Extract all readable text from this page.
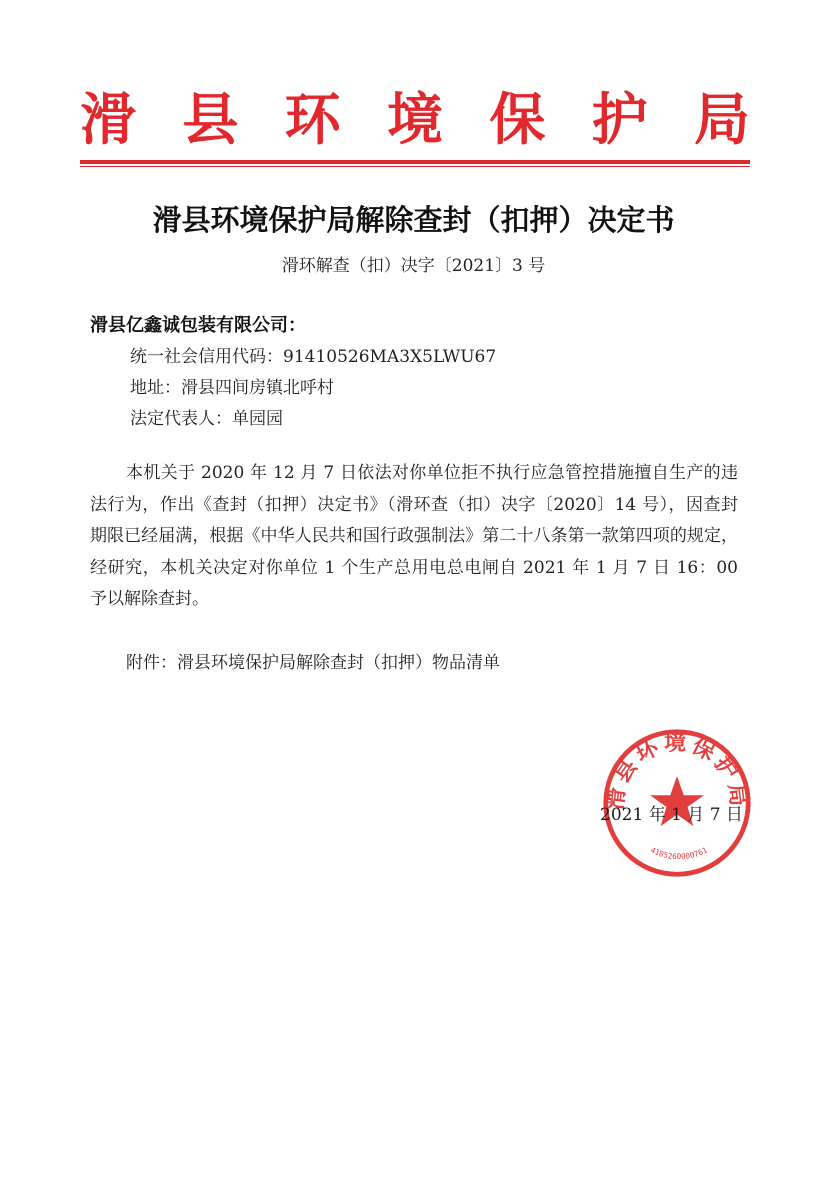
滑 县 环 境 保 护 局
滑县环境保护局解除查封（扣押）决定书
滑环解查（扣）决字〔2021〕3 号
滑县亿鑫诚包装有限公司：
统一社会信用代码：91410526MA3X5LWU67
地址：滑县四间房镇北呼村
法定代表人：单园园

本机关于 2020 年 12 月 7 日依法对你单位拒不执行应急管控措施擅自生产的违法行为，作出《查封（扣押）决定书》（滑环查（扣）决字〔2020〕14 号），因查封期限已经届满，根据《中华人民共和国行政强制法》第二十八条第一款第四项的规定，经研究，本机关决定对你单位 1 个生产总用电总电闸自 2021 年 1 月 7 日 16：00 予以解除查封。

附件：滑县环境保护局解除查封（扣押）物品清单
滑县环境保护局
4105260000761
2021 年 1 月 7 日
